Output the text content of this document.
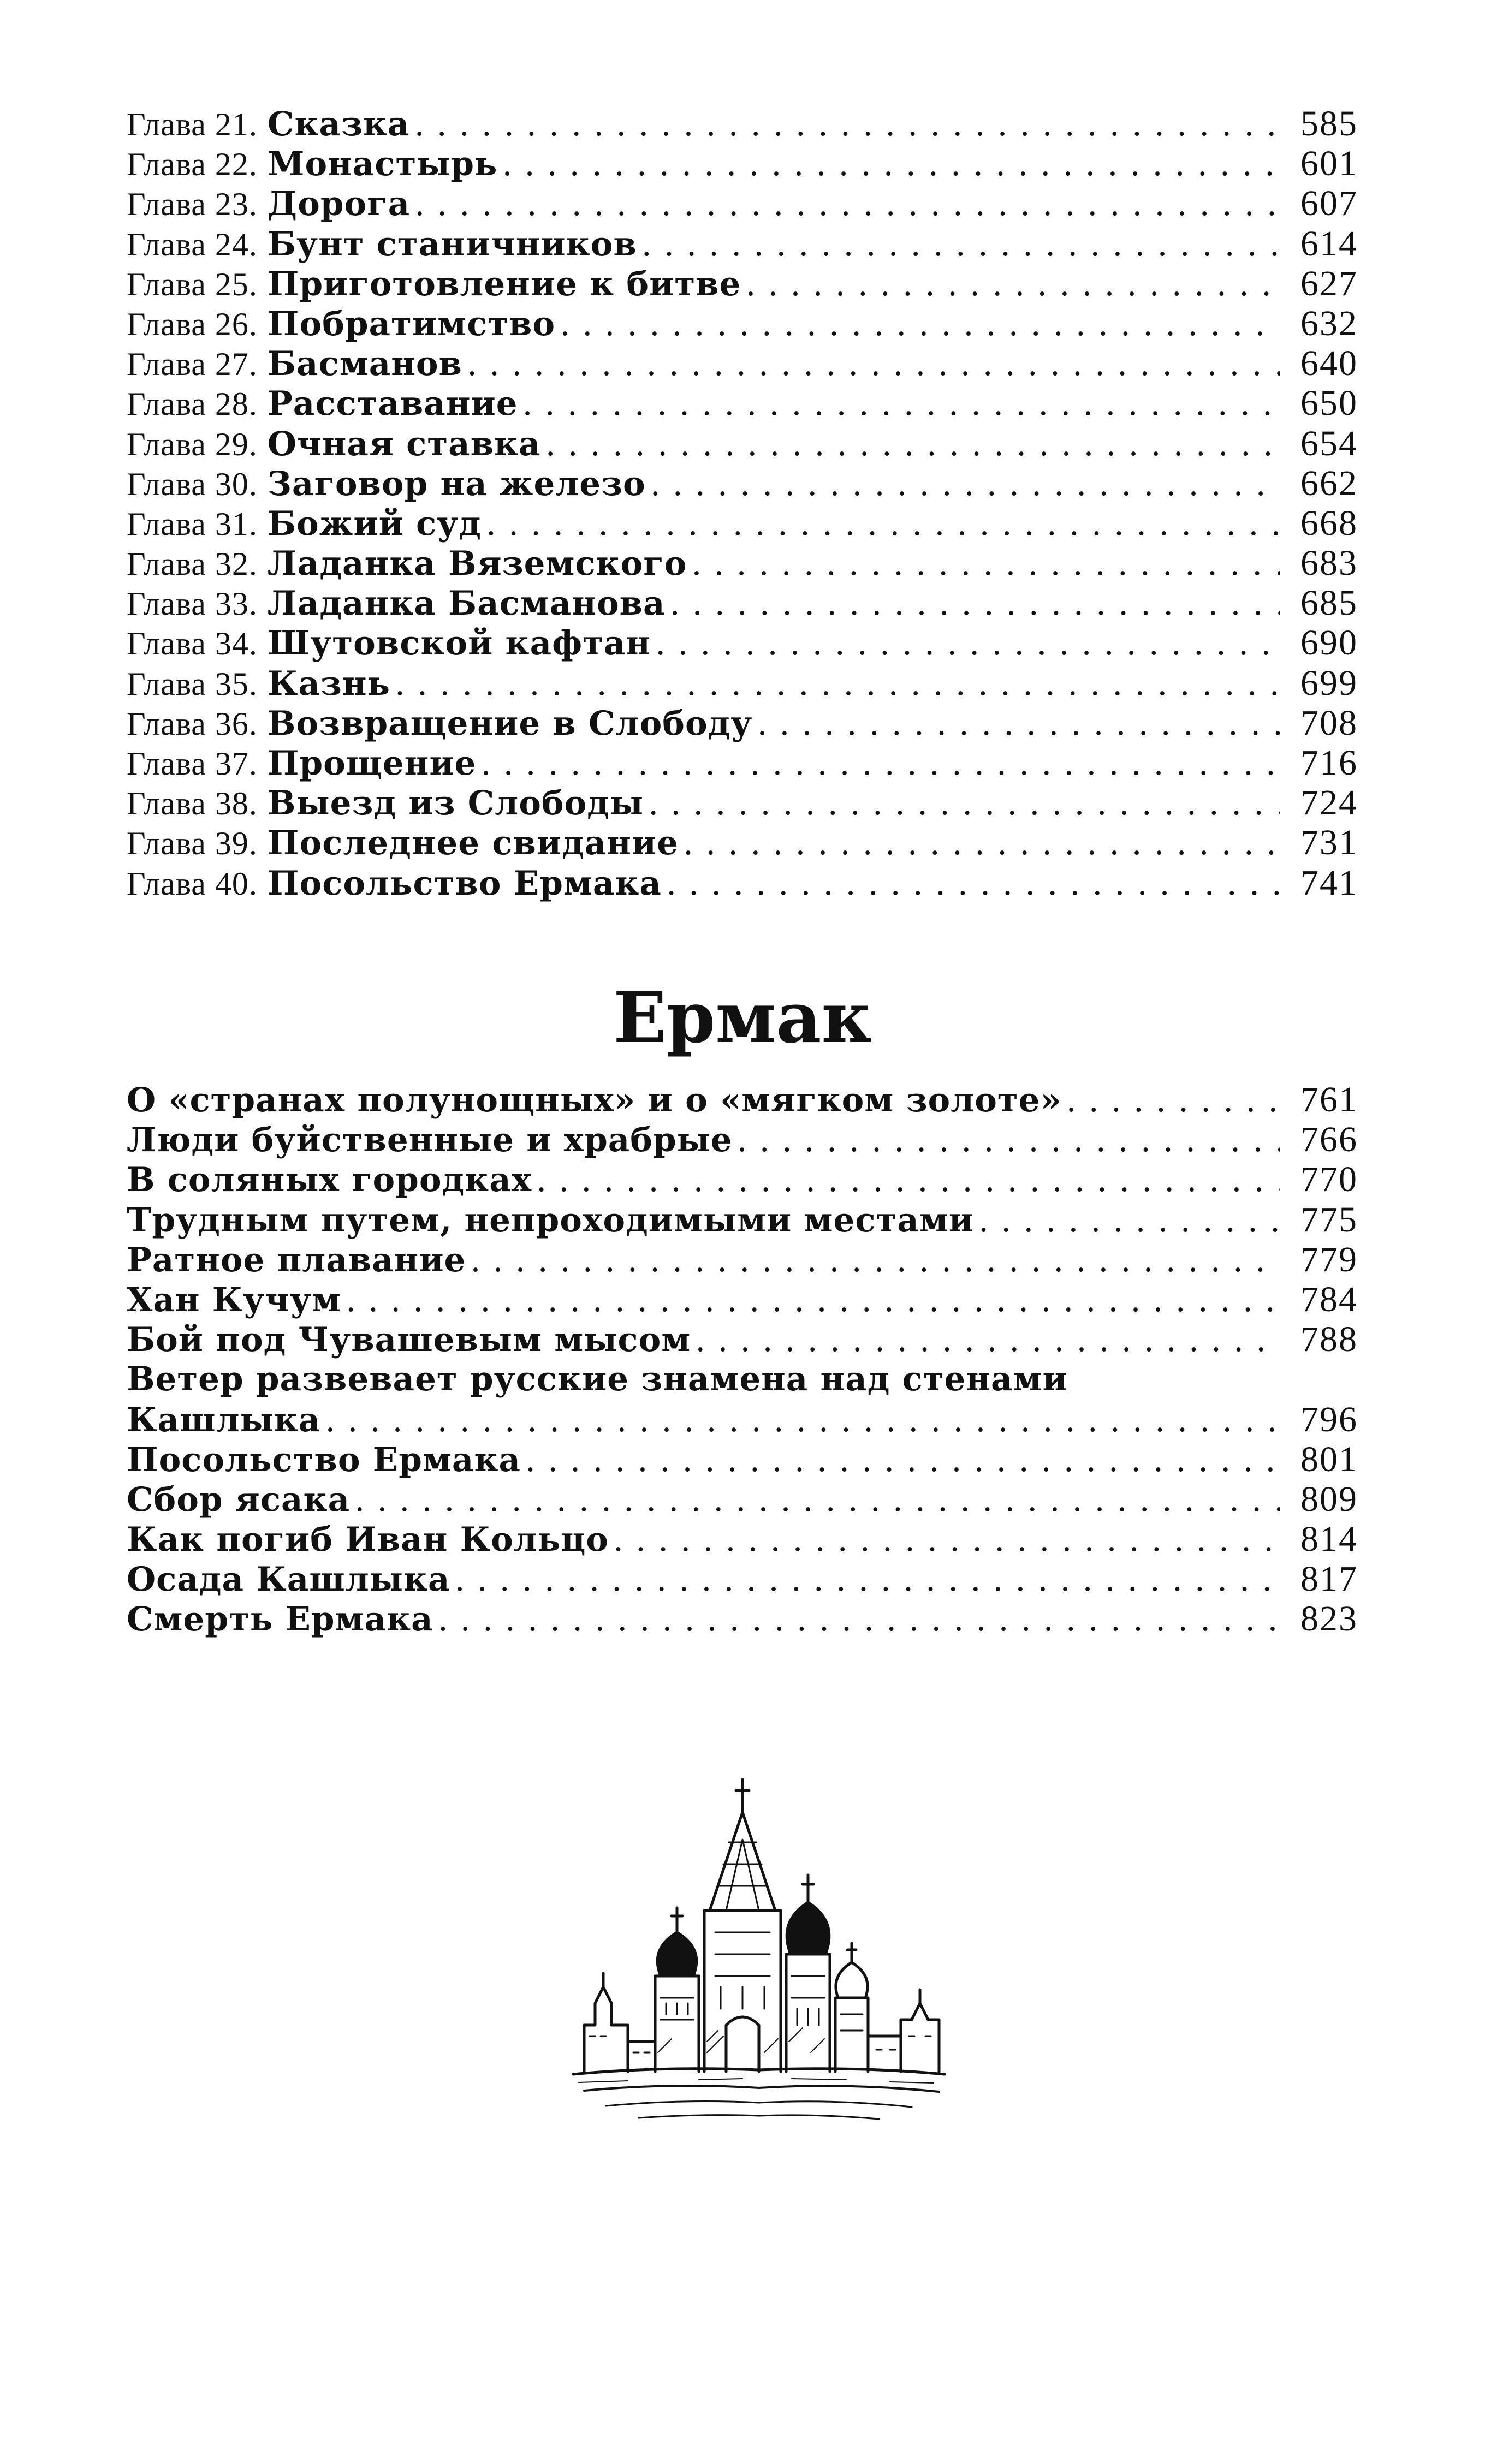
Глава 21. Сказка .....	585
Глава 22. Монастырь .....	601
Глава 23. Дорога .....	607
Глава 24. Бунт станичников .....	614
Глава 25. Приготовление к битве .....	627
Глава 26. Побратимство .....	632
Глава 27. Басманов .....	640
Глава 28. Расставание .....	650
Глава 29. Очная ставка .....	654
Глава 30. Заговор на железо .....	662
Глава 31. Божий суд .....	668
Глава 32. Ладанка Вяземского .....	683
Глава 33. Ладанка Басманова .....	685
Глава 34. Шутовской кафтан .....	690
Глава 35. Казнь .....	699
Глава 36. Возвращение в Слободу .....	708
Глава 37. Прощение .....	716
Глава 38. Выезд из Слободы .....	724
Глава 39. Последнее свидание .....	731
Глава 40. Посольство Ермака .....	741
Ермак
О «странах полунощных» и о «мягком золоте» .....	761
Люди буйственные и храбрые .....	766
В соляных городках .....	770
Трудным путем, непроходимыми местами .....	775
Ратное плавание .....	779
Хан Кучум .....	784
Бой под Чувашевым мысом .....	788
Ветер развевает русские знамена над стенами
Кашлыка .....	796
Посольство Ермака .....	801
Сбор ясака .....	809
Как погиб Иван Кольцо .....	814
Осада Кашлыка .....	817
Смерть Ермака .....	823
